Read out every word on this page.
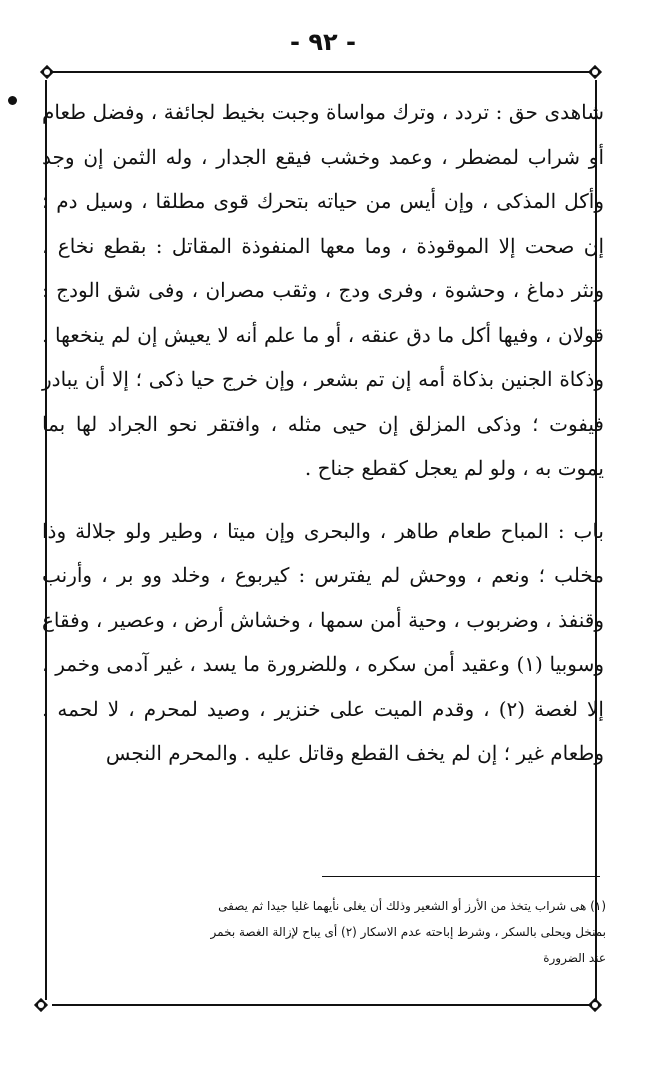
- ٩٢ -

شاهدى حق : تردد ، وترك مواساة وجبت بخيط لجائفة ، وفضل طعام أو شراب لمضطر ، وعمد وخشب فيقع الجدار ، وله الثمن إن وجد وأكل المذكى ، وإن أيس من حياته بتحرك قوى مطلقا ، وسيل دم ؛ إن صحت إلا الموقوذة ، وما معها المنفوذة المقاتل : بقطع نخاع ، ونثر دماغ ، وحشوة ، وفرى ودج ، وثقب مصران ، وفى شق الودج : قولان ، وفيها أكل ما دق عنقه ، أو ما علم أنه لا يعيش إن لم ينخعها . وذكاة الجنين بذكاة أمه إن تم بشعر ، وإن خرج حيا ذكى ؛ إلا أن يبادر فيفوت ؛ وذكى المزلق إن حيى مثله ، وافتقر نحو الجراد لها بما يموت به ، ولو لم يعجل كقطع جناح .

باب : المباح طعام طاهر ، والبحرى وإن ميتا ، وطير ولو جلالة وذا مخلب ؛ ونعم ، ووحش لم يفترس : كيربوع ، وخلد وو بر ، وأرنب وقنفذ ، وضربوب ، وحية أمن سمها ، وخشاش أرض ، وعصير ، وفقاع وسوبيا (١) وعقيد أمن سكره ، وللضرورة ما يسد ، غير آدمى وخمر ، إلا لغصة (٢) ، وقدم الميت على خنزير ، وصيد لمحرم ، لا لحمه . وطعام غير ؛ إن لم يخف القطع وقاتل عليه . والمحرم النجس

(١) هى شراب يتخذ من الأرز أو الشعير وذلك أن يغلى نأيهما غليا جيدا ثم يصفى

بمنخل ويحلى بالسكر ، وشرط إباحته عدم الاسكار (٢) أى يباح لإزالة الغصة بخمر

عند الضرورة
